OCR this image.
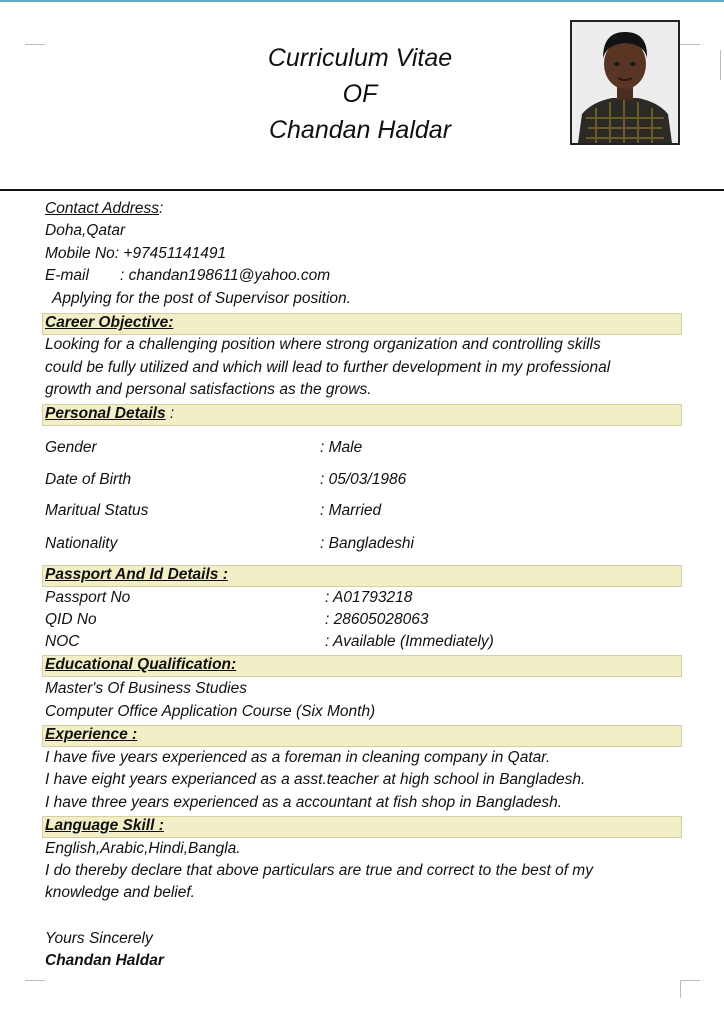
Curriculum Vitae
OF
Chandan Haldar
Contact Address:
Doha,Qatar
Mobile No: +97451141491
E-mail : chandan198611@yahoo.com
Applying for the post of Supervisor position.
Career Objective:
Looking for a challenging position where strong organization and controlling skills
could be fully utilized and which will lead to further development in my professional
growth and personal satisfactions as the grows.
Personal Details :
Gender	: Male
Date of Birth	: 05/03/1986
Maritual Status	: Married
Nationality	: Bangladeshi
Passport And Id Details :
Passport No	: A01793218
QID No	: 28605028063
NOC	: Available (Immediately)
Educational Qualification:
Master's Of Business Studies
Computer Office Application Course (Six Month)
Experience :
I have five years experienced as a foreman in cleaning company in Qatar.
I have eight years experianced as a asst.teacher at high school in Bangladesh.
I have three years experienced as a accountant at fish shop in Bangladesh.
Language Skill :
English,Arabic,Hindi,Bangla.
I do thereby declare that above particulars are true and correct to the best of my
knowledge and belief.
Yours Sincerely
Chandan Haldar
